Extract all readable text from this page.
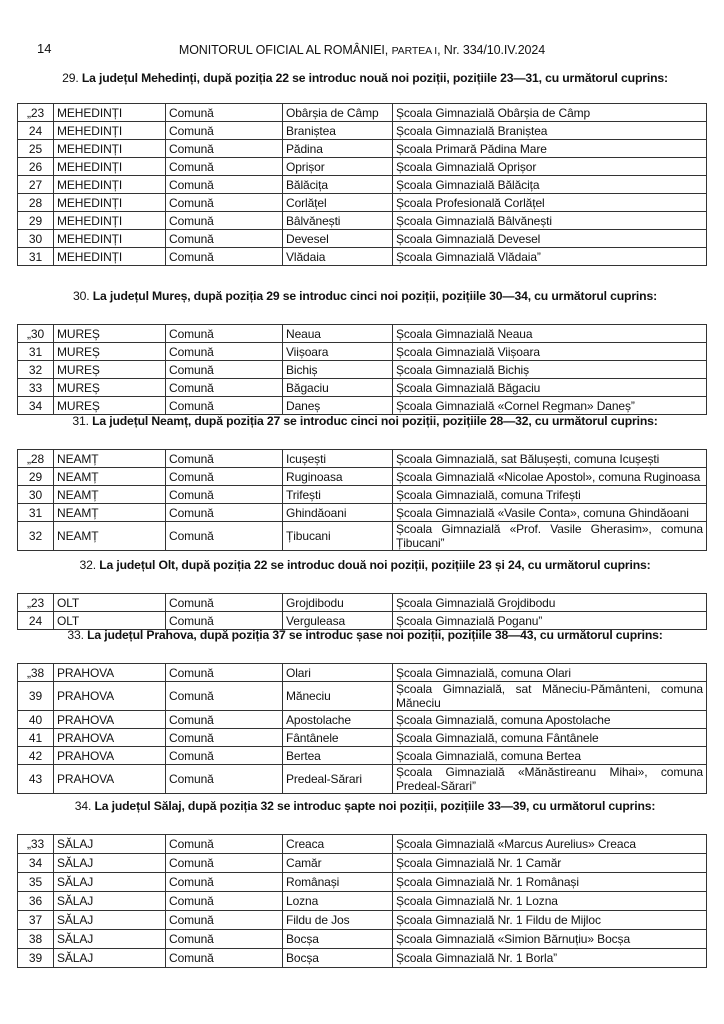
14	MONITORUL OFICIAL AL ROMÂNIEI, PARTEA I, Nr. 334/10.IV.2024
29. La județul Mehedinți, după poziția 22 se introduc nouă noi poziții, pozițiile 23—31, cu următorul cuprins:
„23	MEHEDINȚI	Comună	Obârșia de Câmp	Școala Gimnazială Obârșia de Câmp
24	MEHEDINȚI	Comună	Braniștea	Școala Gimnazială Braniștea
25	MEHEDINȚI	Comună	Pădina	Școala Primară Pădina Mare
26	MEHEDINȚI	Comună	Oprișor	Școala Gimnazială Oprișor
27	MEHEDINȚI	Comună	Bălăcița	Școala Gimnazială Bălăcița
28	MEHEDINȚI	Comună	Corlățel	Școala Profesională Corlățel
29	MEHEDINȚI	Comună	Bâlvănești	Școala Gimnazială Bâlvănești
30	MEHEDINȚI	Comună	Devesel	Școala Gimnazială Devesel
31	MEHEDINȚI	Comună	Vlădaia	Școala Gimnazială Vlădaia”
30. La județul Mureș, după poziția 29 se introduc cinci noi poziții, pozițiile 30—34, cu următorul cuprins:
„30	MUREȘ	Comună	Neaua	Școala Gimnazială Neaua
31	MUREȘ	Comună	Viișoara	Școala Gimnazială Viișoara
32	MUREȘ	Comună	Bichiș	Școala Gimnazială Bichiș
33	MUREȘ	Comună	Băgaciu	Școala Gimnazială Băgaciu
34	MUREȘ	Comună	Daneș	Școala Gimnazială «Cornel Regman» Daneș”
31. La județul Neamț, după poziția 27 se introduc cinci noi poziții, pozițiile 28—32, cu următorul cuprins:
„28	NEAMȚ	Comună	Icușești	Școala Gimnazială, sat Bălușești, comuna Icușești
29	NEAMȚ	Comună	Ruginoasa	Școala Gimnazială «Nicolae Apostol», comuna Ruginoasa
30	NEAMȚ	Comună	Trifești	Școala Gimnazială, comuna Trifești
31	NEAMȚ	Comună	Ghindăoani	Școala Gimnazială «Vasile Conta», comuna Ghindăoani
32	NEAMȚ	Comună	Țibucani	Școala Gimnazială «Prof. Vasile Gherasim», comuna Țibucani”
32. La județul Olt, după poziția 22 se introduc două noi poziții, pozițiile 23 și 24, cu următorul cuprins:
„23	OLT	Comună	Grojdibodu	Școala Gimnazială Grojdibodu
24	OLT	Comună	Verguleasa	Școala Gimnazială Poganu”
33. La județul Prahova, după poziția 37 se introduc șase noi poziții, pozițiile 38—43, cu următorul cuprins:
„38	PRAHOVA	Comună	Olari	Școala Gimnazială, comuna Olari
39	PRAHOVA	Comună	Măneciu	Școala Gimnazială, sat Măneciu-Pământeni, comuna Măneciu
40	PRAHOVA	Comună	Apostolache	Școala Gimnazială, comuna Apostolache
41	PRAHOVA	Comună	Fântânele	Școala Gimnazială, comuna Fântânele
42	PRAHOVA	Comună	Bertea	Școala Gimnazială, comuna Bertea
43	PRAHOVA	Comună	Predeal-Sărari	Școala Gimnazială «Mănăstireanu Mihai», comuna Predeal-Sărari”
34. La județul Sălaj, după poziția 32 se introduc șapte noi poziții, pozițiile 33—39, cu următorul cuprins:
„33	SĂLAJ	Comună	Creaca	Școala Gimnazială «Marcus Aurelius» Creaca
34	SĂLAJ	Comună	Camăr	Școala Gimnazială Nr. 1 Camăr
35	SĂLAJ	Comună	Românași	Școala Gimnazială Nr. 1 Românași
36	SĂLAJ	Comună	Lozna	Școala Gimnazială Nr. 1 Lozna
37	SĂLAJ	Comună	Fildu de Jos	Școala Gimnazială Nr. 1 Fildu de Mijloc
38	SĂLAJ	Comună	Bocșa	Școala Gimnazială «Simion Bărnuțiu» Bocșa
39	SĂLAJ	Comună	Bocșa	Școala Gimnazială Nr. 1 Borla”
